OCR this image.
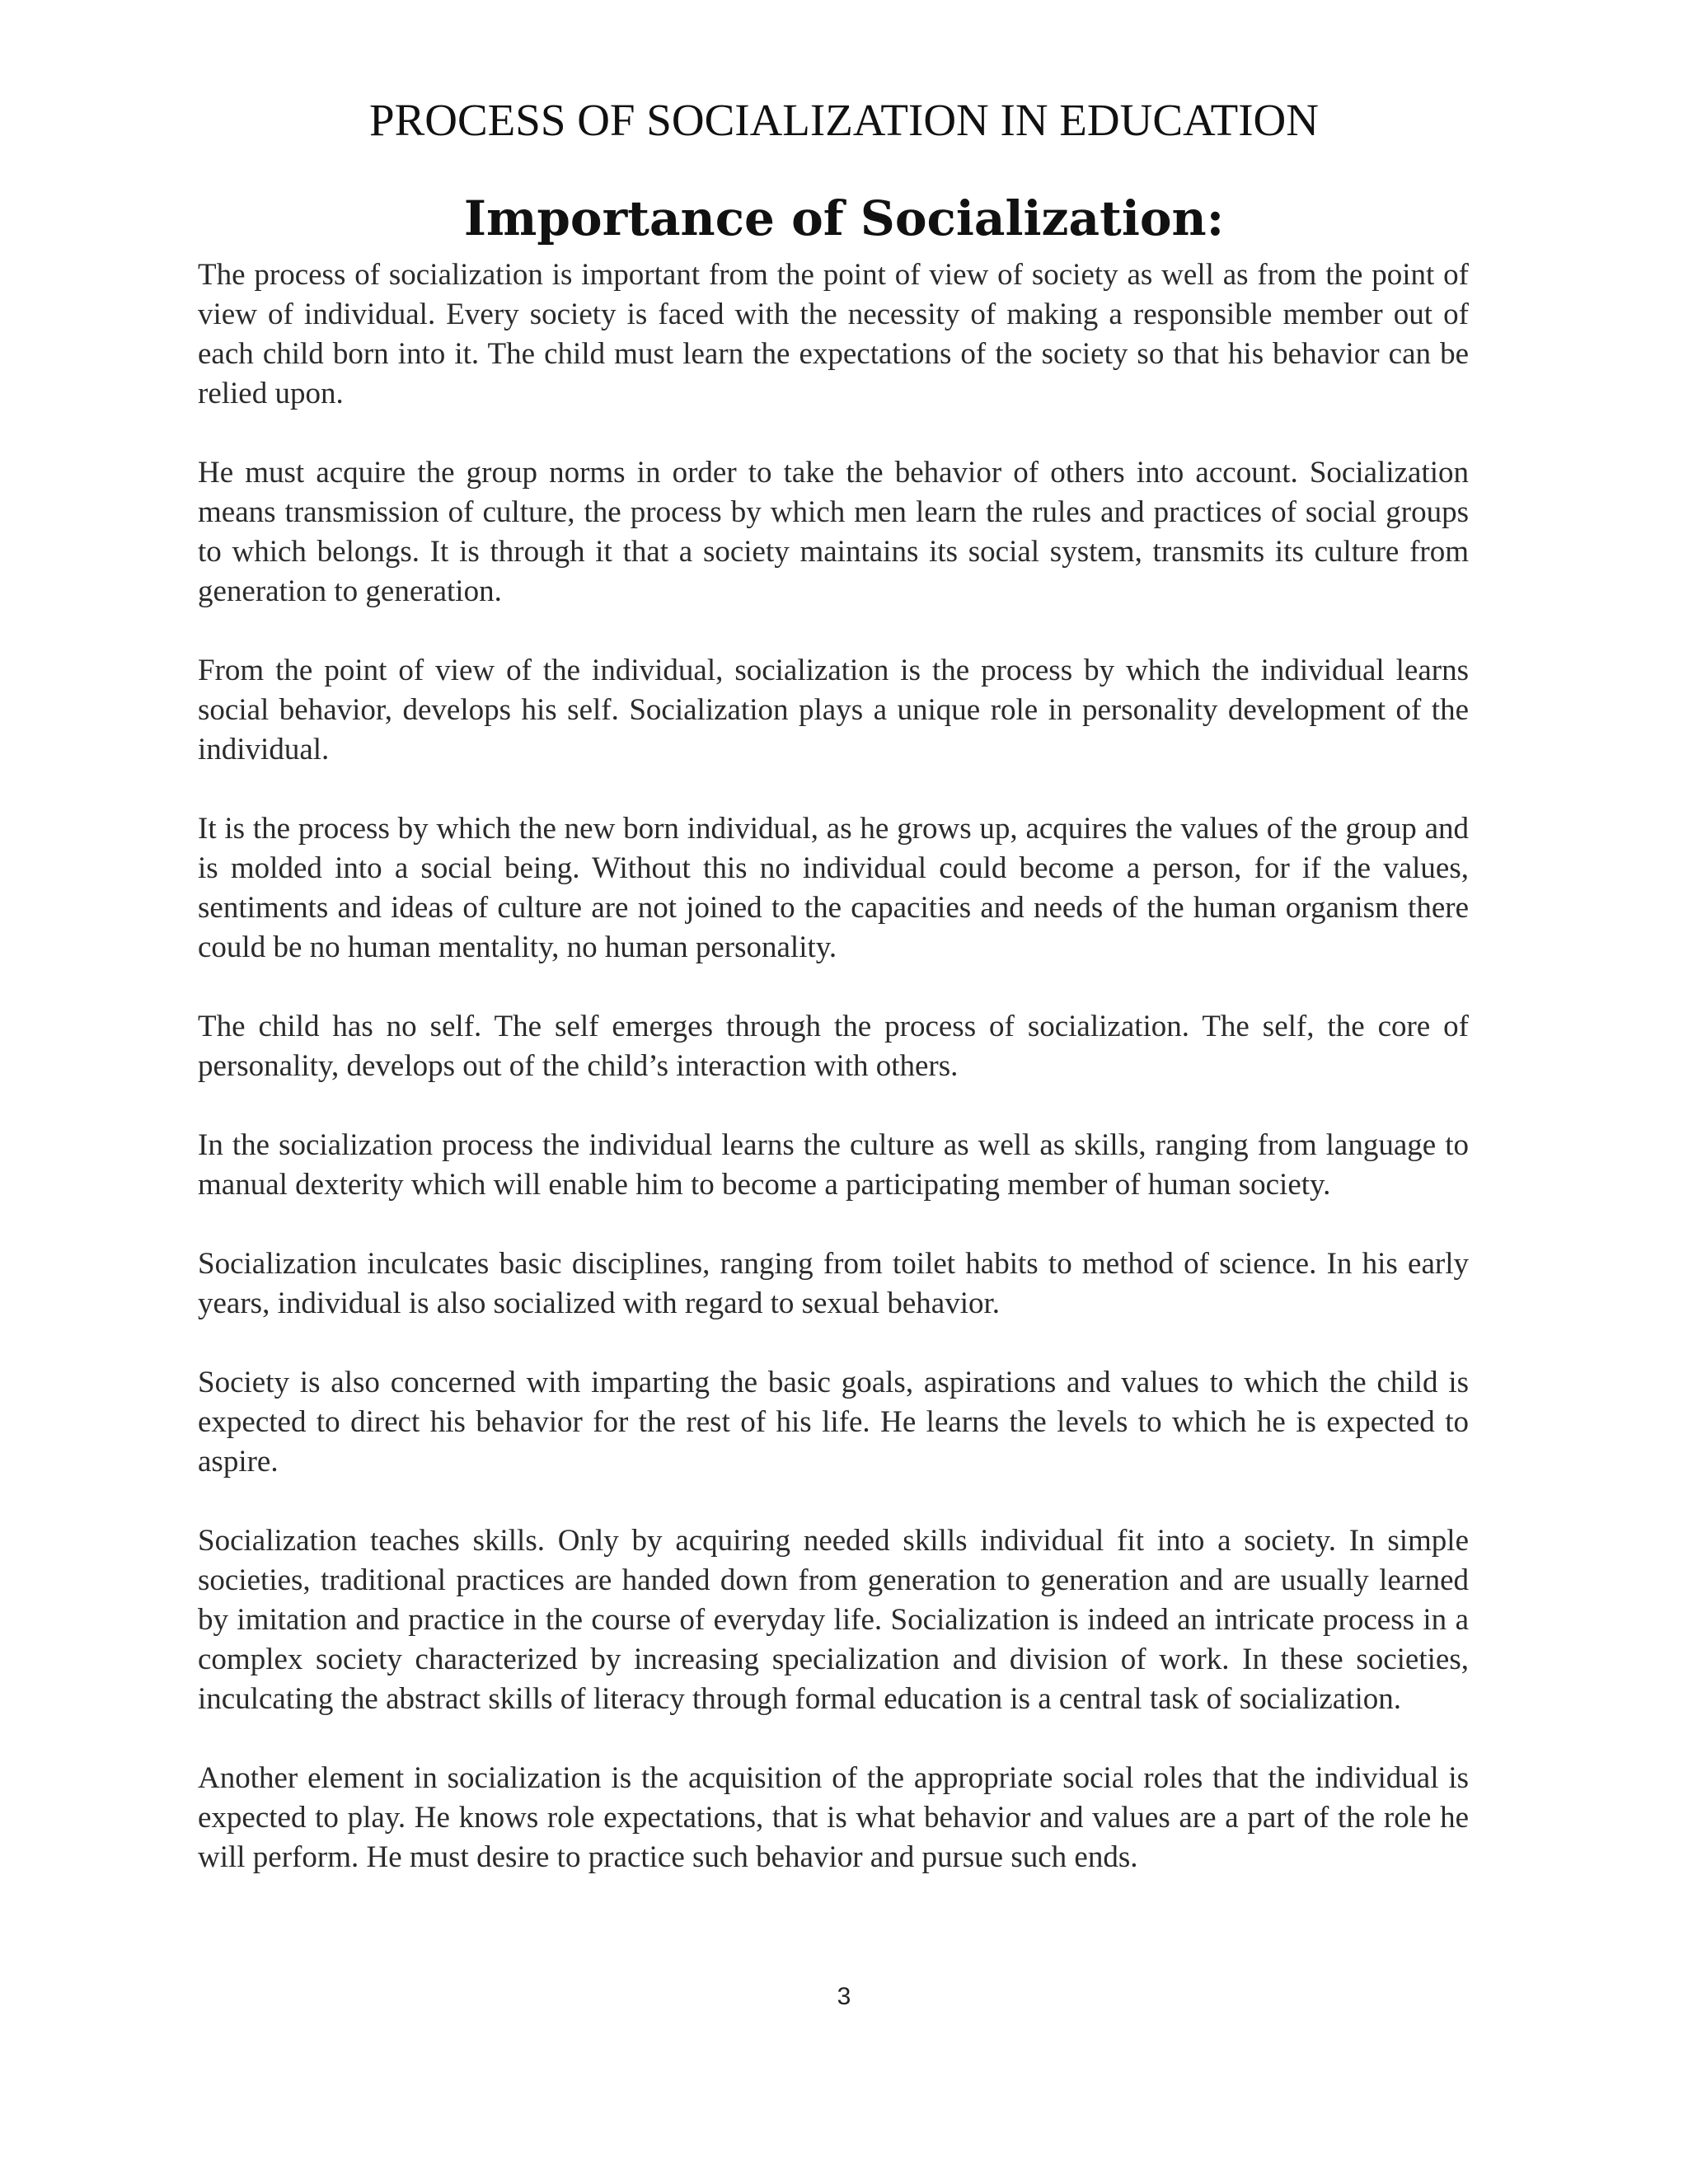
PROCESS OF SOCIALIZATION IN EDUCATION
Importance of Socialization:

The process of socialization is important from the point of view of society as well as from the point of view of individual. Every society is faced with the necessity of making a responsible member out of each child born into it. The child must learn the expectations of the society so that his behavior can be relied upon.

He must acquire the group norms in order to take the behavior of others into account. Socialization means transmission of culture, the process by which men learn the rules and practices of social groups to which belongs. It is through it that a society maintains its social system, transmits its culture from generation to generation.

From the point of view of the individual, socialization is the process by which the individual learns social behavior, develops his self. Socialization plays a unique role in personality development of the individual.

It is the process by which the new born individual, as he grows up, acquires the values of the group and is molded into a social being. Without this no individual could become a person, for if the values, sentiments and ideas of culture are not joined to the capacities and needs of the human organism there could be no human mentality, no human personality.

The child has no self. The self emerges through the process of socialization. The self, the core of personality, develops out of the child’s interaction with others.

In the socialization process the individual learns the culture as well as skills, ranging from language to manual dexterity which will enable him to become a participating member of human society.

Socialization inculcates basic disciplines, ranging from toilet habits to method of science. In his early years, individual is also socialized with regard to sexual behavior.

Society is also concerned with imparting the basic goals, aspirations and values to which the child is expected to direct his behavior for the rest of his life. He learns the levels to which he is expected to aspire.

Socialization teaches skills. Only by acquiring needed skills individual fit into a society. In simple societies, traditional practices are handed down from generation to generation and are usually learned by imitation and practice in the course of everyday life. Socialization is indeed an intricate process in a complex society characterized by increasing specialization and division of work. In these societies, inculcating the abstract skills of literacy through formal education is a central task of socialization.

Another element in socialization is the acquisition of the appropriate social roles that the individual is expected to play. He knows role expectations, that is what behavior and values are a part of the role he will perform. He must desire to practice such behavior and pursue such ends.

3
